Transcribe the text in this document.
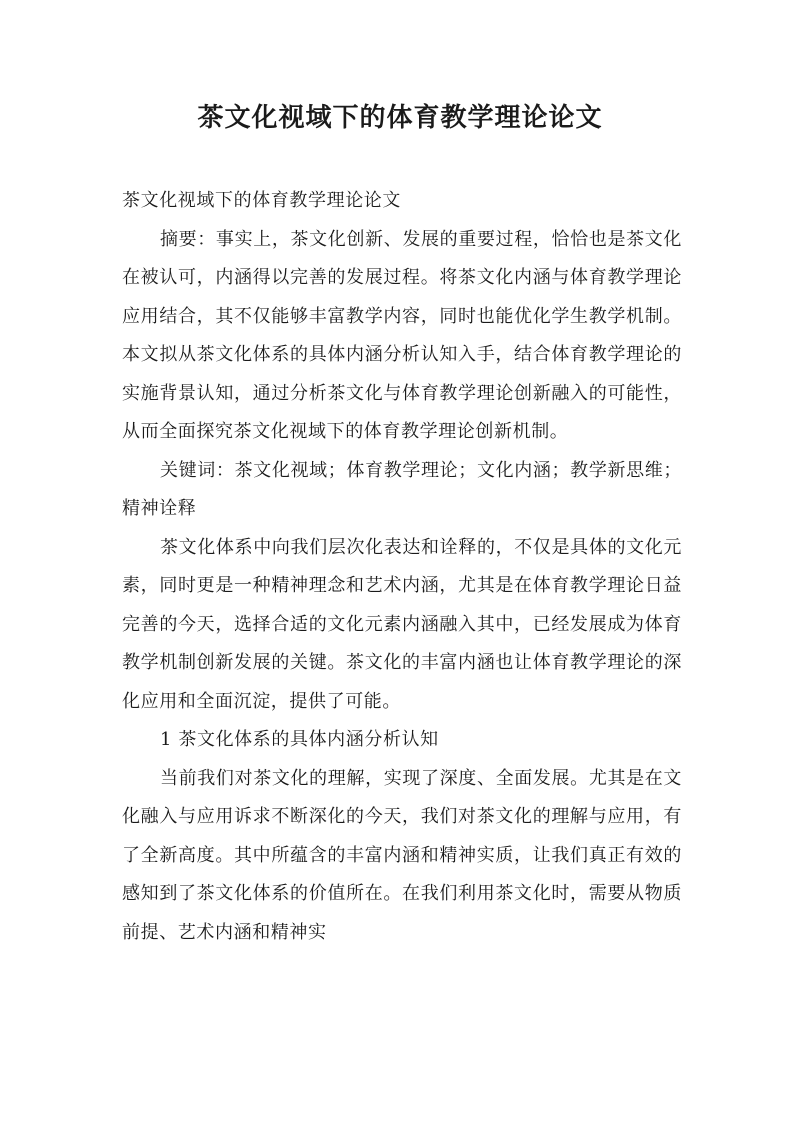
茶文化视域下的体育教学理论论文

茶文化视域下的体育教学理论论文

摘要：事实上，茶文化创新、发展的重要过程，恰恰也是茶文化在被认可，内涵得以完善的发展过程。将茶文化内涵与体育教学理论应用结合，其不仅能够丰富教学内容，同时也能优化学生教学机制。本文拟从茶文化体系的具体内涵分析认知入手，结合体育教学理论的实施背景认知，通过分析茶文化与体育教学理论创新融入的可能性，从而全面探究茶文化视域下的体育教学理论创新机制。

关键词：茶文化视域；体育教学理论；文化内涵；教学新思维；精神诠释

茶文化体系中向我们层次化表达和诠释的，不仅是具体的文化元素，同时更是一种精神理念和艺术内涵，尤其是在体育教学理论日益完善的今天，选择合适的文化元素内涵融入其中，已经发展成为体育教学机制创新发展的关键。茶文化的丰富内涵也让体育教学理论的深化应用和全面沉淀，提供了可能。

1 茶文化体系的具体内涵分析认知

当前我们对茶文化的理解，实现了深度、全面发展。尤其是在文化融入与应用诉求不断深化的今天，我们对茶文化的理解与应用，有了全新高度。其中所蕴含的丰富内涵和精神实质，让我们真正有效的感知到了茶文化体系的价值所在。在我们利用茶文化时，需要从物质前提、艺术内涵和精神实
